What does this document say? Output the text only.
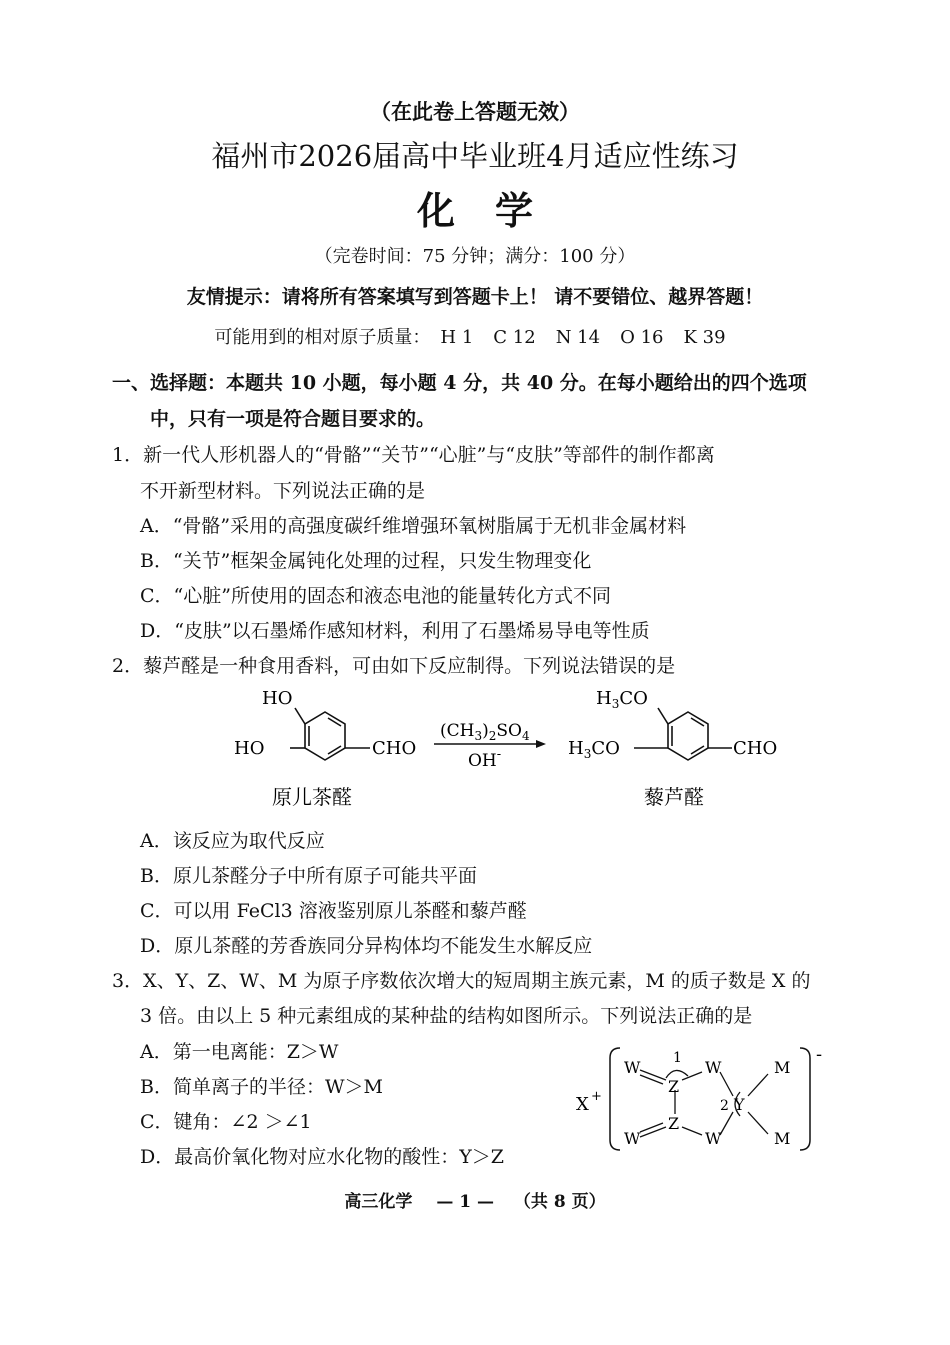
（在此卷上答题无效）
福州市2026届高中毕业班4月适应性练习
化学
（完卷时间：75 分钟；满分：100 分）
友情提示：请将所有答案填写到答题卡上！ 请不要错位、越界答题！
可能用到的相对原子质量： H 1 C 12 N 14 O 16 K 39
一、选择题：本题共 10 小题，每小题 4 分，共 40 分。在每小题给出的四个选项
中，只有一项是符合题目要求的。
1．新一代人形机器人的“骨骼”“关节”“心脏”与“皮肤”等部件的制作都离
不开新型材料。下列说法正确的是
A．“骨骼”采用的高强度碳纤维增强环氧树脂属于无机非金属材料
B．“关节”框架金属钝化处理的过程，只发生物理变化
C．“心脏”所使用的固态和液态电池的能量转化方式不同
D．“皮肤”以石墨烯作感知材料，利用了石墨烯易导电等性质
2．藜芦醛是一种食用香料，可由如下反应制得。下列说法错误的是
HO
HO	CHO
原儿茶醛
$(CH_3)_2SO_4$
OH-
$H_3CO$
$H_3CO$	CHO
藜芦醛
A．该反应为取代反应
B．原儿茶醛分子中所有原子可能共平面
C．可以用 FeCl3 溶液鉴别原儿茶醛和藜芦醛
D．原儿茶醛的芳香族同分异构体均不能发生水解反应
3．X、Y、Z、W、M 为原子序数依次增大的短周期主族元素，M 的质子数是 X 的
3 倍。由以上 5 种元素组成的某种盐的结构如图所示。下列说法正确的是
A．第一电离能：Z＞W
B．简单离子的半径：W＞M
C．键角：∠2 ＞∠1
D．最高价氧化物对应水化物的酸性：Y＞Z
X +
-
W
Z
W
Y
M
M
W
Z
W
1
2
高三化学 — 1 — （共 8 页）
